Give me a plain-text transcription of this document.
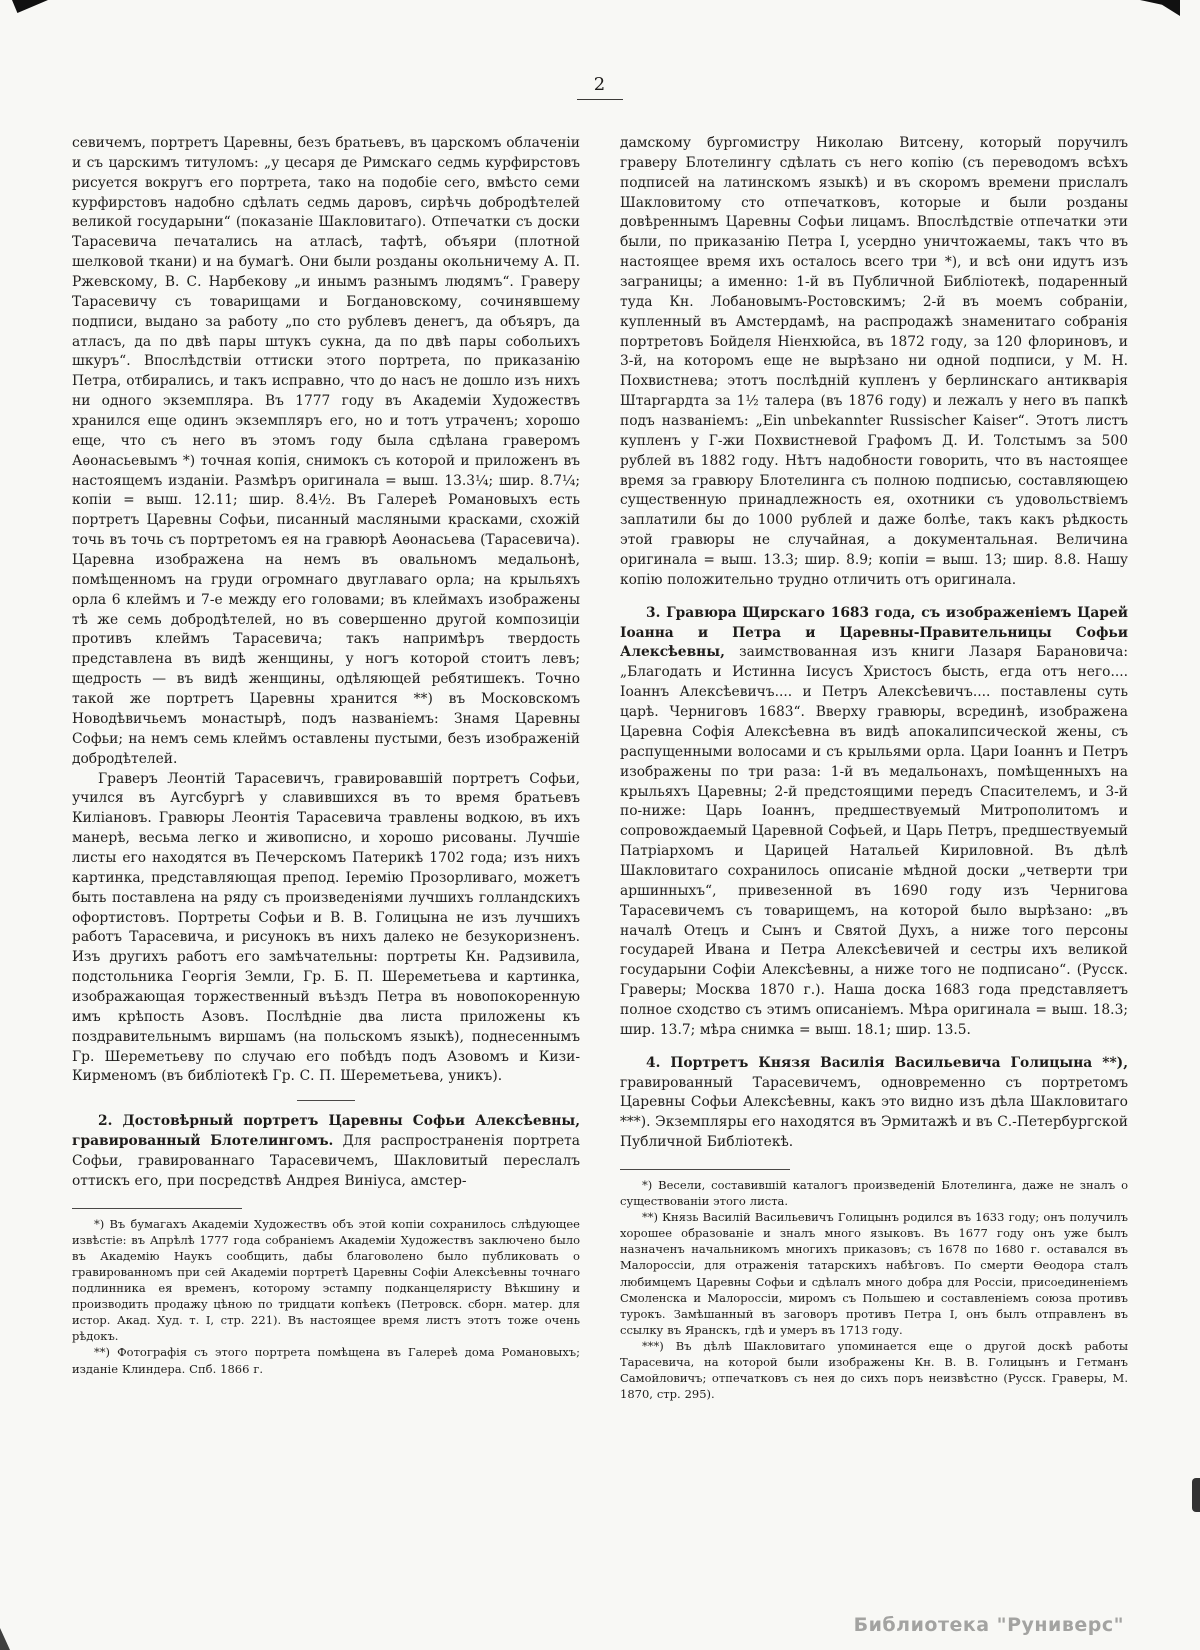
2

севичемъ, портретъ Царевны, безъ братьевъ, въ царскомъ облаченіи и съ царскимъ титуломъ: „у цесаря де Римскаго седмь курфирстовъ рисуется вокругъ его портрета, тако на подобіе сего, вмѣсто семи курфирстовъ надобно сдѣлать седмь даровъ, сирѣчь добродѣтелей великой государыни“ (показаніе Шакловитаго). Отпечатки съ доски Тарасевича печатались на атласѣ, тафтѣ, объяри (плотной шелковой ткани) и на бумагѣ. Они были розданы окольничему А. П. Ржевскому, В. С. Нарбекову „и инымъ разнымъ людямъ“. Граверу Тарасевичу съ товарищами и Богдановскому, сочинявшему подписи, выдано за работу „по сто рублевъ денегъ, да объяръ, да атласъ, да по двѣ пары штукъ сукна, да по двѣ пары собольихъ шкуръ“. Впослѣдствіи оттиски этого портрета, по приказанію Петра, отбирались, и такъ исправно, что до насъ не дошло изъ нихъ ни одного экземпляра. Въ 1777 году въ Академіи Художествъ хранился еще одинъ экземпляръ его, но и тотъ утраченъ; хорошо еще, что съ него въ этомъ году была сдѣлана граверомъ Аѳонасьевымъ *) точная копія, снимокъ съ которой и приложенъ въ настоящемъ изданіи. Размѣръ оригинала = выш. 13.3¼; шир. 8.7¼; копіи = выш. 12.11; шир. 8.4½. Въ Галереѣ Романовыхъ есть портретъ Царевны Софьи, писанный масляными красками, схожій точь въ точь съ портретомъ ея на гравюрѣ Аѳонасьева (Тарасевича). Царевна изображена на немъ въ овальномъ медальонѣ, помѣщенномъ на груди огромнаго двуглаваго орла; на крыльяхъ орла 6 клеймъ и 7-е между его головами; въ клеймахъ изображены тѣ же семь добродѣтелей, но въ совершенно другой композиціи противъ клеймъ Тарасевича; такъ напримѣръ твердость представлена въ видѣ женщины, у ногъ которой стоитъ левъ; щедрость — въ видѣ женщины, одѣляющей ребятишекъ. Точно такой же портретъ Царевны хранится **) въ Московскомъ Новодѣвичьемъ монастырѣ, подъ названіемъ: Знамя Царевны Софьи; на немъ семь клеймъ оставлены пустыми, безъ изображеній добродѣтелей.

Граверъ Леонтій Тарасевичъ, гравировавшій портретъ Софьи, учился въ Аугсбургѣ у славившихся въ то время братьевъ Киліановъ. Гравюры Леонтія Тарасевича травлены водкою, въ ихъ манерѣ, весьма легко и живописно, и хорошо рисованы. Лучшіе листы его находятся въ Печерскомъ Патерикѣ 1702 года; изъ нихъ картинка, представляющая препод. Іеремію Прозорливаго, можетъ быть поставлена на ряду съ произведеніями лучшихъ голландскихъ офортистовъ. Портреты Софьи и В. В. Голицына не изъ лучшихъ работъ Тарасевича, и рисунокъ въ нихъ далеко не безукоризненъ. Изъ другихъ работъ его замѣчательны: портреты Кн. Радзивила, подстольника Георгія Земли, Гр. Б. П. Шереметьева и картинка, изображающая торжественный въѣздъ Петра въ новопокоренную имъ крѣпость Азовъ. Послѣдніе два листа приложены къ поздравительнымъ виршамъ (на польскомъ языкѣ), поднесеннымъ Гр. Шереметьеву по случаю его побѣдъ подъ Азовомъ и Кизи-Кирменомъ (въ библіотекѣ Гр. С. П. Шереметьева, уникъ).

2. Достовѣрный портретъ Царевны Софьи Алексѣевны, гравированный Блотелингомъ. Для распространенія портрета Софьи, гравированнаго Тарасевичемъ, Шакловитый переслалъ оттискъ его, при посредствѣ Андрея Виніуса, амстер-

*) Въ бумагахъ Академіи Художествъ объ этой копіи сохранилось слѣдующее извѣстіе: въ Апрѣлѣ 1777 года собраніемъ Академіи Художествъ заключено было въ Академію Наукъ сообщить, дабы благоволено было публиковать о гравированномъ при сей Академіи портретѣ Царевны Софіи Алексѣевны точнаго подлинника ея временъ, которому эстампу подканцеляристу Вѣкшину и производить продажу цѣною по тридцати копѣекъ (Петровск. сборн. матер. для истор. Акад. Худ. т. I, стр. 221). Въ настоящее время листъ этотъ тоже очень рѣдокъ.

**) Фотографія съ этого портрета помѣщена въ Галереѣ дома Романовыхъ; изданіе Клиндера. Спб. 1866 г.

дамскому бургомистру Николаю Витсену, который поручилъ граверу Блотелингу сдѣлать съ него копію (съ переводомъ всѣхъ подписей на латинскомъ языкѣ) и въ скоромъ времени прислалъ Шакловитому сто отпечатковъ, которые и были розданы довѣреннымъ Царевны Софьи лицамъ. Впослѣдствіе отпечатки эти были, по приказанію Петра I, усердно уничтожаемы, такъ что въ настоящее время ихъ осталось всего три *), и всѣ они идутъ изъ заграницы; а именно: 1-й въ Публичной Библіотекѣ, подаренный туда Кн. Лобановымъ-Ростовскимъ; 2-й въ моемъ собраніи, купленный въ Амстердамѣ, на распродажѣ знаменитаго собранія портретовъ Бойделя Ніенхюйса, въ 1872 году, за 120 флориновъ, и 3-й, на которомъ еще не вырѣзано ни одной подписи, у М. Н. Похвистнева; этотъ послѣдній купленъ у берлинскаго антикварія Штаргардта за 1½ талера (въ 1876 году) и лежалъ у него въ папкѣ подъ названіемъ: „Ein unbekannter Russischer Kaiser“. Этотъ листъ купленъ у Г-жи Похвистневой Графомъ Д. И. Толстымъ за 500 рублей въ 1882 году. Нѣтъ надобности говорить, что въ настоящее время за гравюру Блотелинга съ полною подписью, составляющею существенную принадлежность ея, охотники съ удовольствіемъ заплатили бы до 1000 рублей и даже болѣе, такъ какъ рѣдкость этой гравюры не случайная, а документальная. Величина оригинала = выш. 13.3; шир. 8.9; копіи = выш. 13; шир. 8.8. Нашу копію положительно трудно отличить отъ оригинала.

3. Гравюра Щирскаго 1683 года, съ изображеніемъ Царей Іоанна и Петра и Царевны-Правительницы Софьи Алексѣевны, заимствованная изъ книги Лазаря Барановича: „Благодать и Истинна Іисусъ Христосъ бысть, егда отъ него.... Іоаннъ Алексѣевичъ.... и Петръ Алексѣевичъ.... поставлены суть царѣ. Черниговъ 1683“. Вверху гравюры, всрединѣ, изображена Царевна Софія Алексѣевна въ видѣ апокалипсической жены, съ распущенными волосами и съ крыльями орла. Цари Іоаннъ и Петръ изображены по три раза: 1-й въ медальонахъ, помѣщенныхъ на крыльяхъ Царевны; 2-й предстоящими передъ Спасителемъ, и 3-й по-ниже: Царь Іоаннъ, предшествуемый Митрополитомъ и сопровождаемый Царевной Софьей, и Царь Петръ, предшествуемый Патріархомъ и Царицей Натальей Кириловной. Въ дѣлѣ Шакловитаго сохранилось описаніе мѣдной доски „четверти три аршинныхъ“, привезенной въ 1690 году изъ Чернигова Тарасевичемъ съ товарищемъ, на которой было вырѣзано: „въ началѣ Отецъ и Сынъ и Святой Духъ, а ниже того персоны государей Ивана и Петра Алексѣевичей и сестры ихъ великой государыни Софіи Алексѣевны, а ниже того не подписано“. (Русск. Граверы; Москва 1870 г.). Наша доска 1683 года представляетъ полное сходство съ этимъ описаніемъ. Мѣра оригинала = выш. 18.3; шир. 13.7; мѣра снимка = выш. 18.1; шир. 13.5.

4. Портретъ Князя Василія Васильевича Голицына **), гравированный Тарасевичемъ, одновременно съ портретомъ Царевны Софьи Алексѣевны, какъ это видно изъ дѣла Шакловитаго ***). Экземпляры его находятся въ Эрмитажѣ и въ С.-Петербургской Публичной Библіотекѣ.

*) Весели, составившій каталогъ произведеній Блотелинга, даже не зналъ о существованіи этого листа.

**) Князь Василій Васильевичъ Голицынъ родился въ 1633 году; онъ получилъ хорошее образованіе и зналъ много языковъ. Въ 1677 году онъ уже былъ назначенъ начальникомъ многихъ приказовъ; съ 1678 по 1680 г. оставался въ Малороссіи, для отраженія татарскихъ набѣговъ. По смерти Ѳеодора сталъ любимцемъ Царевны Софьи и сдѣлалъ много добра для Россіи, присоединеніемъ Смоленска и Малороссіи, миромъ съ Польшею и составленіемъ союза противъ турокъ. Замѣшанный въ заговоръ противъ Петра I, онъ былъ отправленъ въ ссылку въ Яранскъ, гдѣ и умеръ въ 1713 году.

***) Въ дѣлѣ Шакловитаго упоминается еще о другой доскѣ работы Тарасевича, на которой были изображены Кн. В. В. Голицынъ и Гетманъ Самойловичъ; отпечатковъ съ нея до сихъ поръ неизвѣстно (Русск. Граверы, М. 1870, стр. 295).

Библиотека "Руниверс"
